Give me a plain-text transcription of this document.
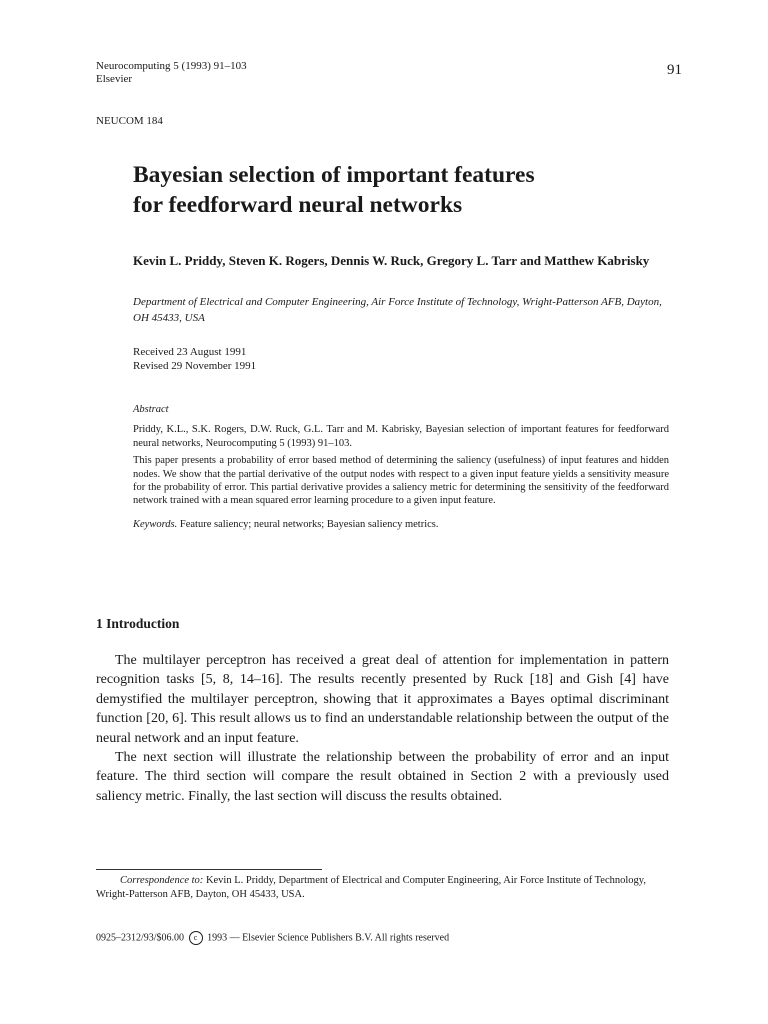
Neurocomputing 5 (1993) 91–103
Elsevier
91
NEUCOM 184
Bayesian selection of important features
for feedforward neural networks
Kevin L. Priddy, Steven K. Rogers, Dennis W. Ruck, Gregory L. Tarr and Matthew Kabrisky
Department of Electrical and Computer Engineering, Air Force Institute of Technology, Wright-Patterson AFB, Dayton, OH 45433, USA
Received 23 August 1991
Revised 29 November 1991
Abstract

Priddy, K.L., S.K. Rogers, D.W. Ruck, G.L. Tarr and M. Kabrisky, Bayesian selection of important features for feedforward neural networks, Neurocomputing 5 (1993) 91–103.

This paper presents a probability of error based method of determining the saliency (usefulness) of input features and hidden nodes. We show that the partial derivative of the output nodes with respect to a given input feature yields a sensitivity measure for the probability of error. This partial derivative provides a saliency metric for determining the sensitivity of the feedforward network trained with a mean squared error learning procedure to a given input feature.

Keywords. Feature saliency; neural networks; Bayesian saliency metrics.
1 Introduction

The multilayer perceptron has received a great deal of attention for implementation in pattern recognition tasks [5, 8, 14–16]. The results recently presented by Ruck [18] and Gish [4] have demystified the multilayer perceptron, showing that it approximates a Bayes optimal discriminant function [20, 6]. This result allows us to find an understandable relationship between the output of the neural network and an input feature.

The next section will illustrate the relationship between the probability of error and an input feature. The third section will compare the result obtained in Section 2 with a previously used saliency metric. Finally, the last section will discuss the results obtained.

Correspondence to: Kevin L. Priddy, Department of Electrical and Computer Engineering, Air Force Institute of Technology, Wright-Patterson AFB, Dayton, OH 45433, USA.
0925–2312/93/$06.00 c 1993 — Elsevier Science Publishers B.V. All rights reserved
